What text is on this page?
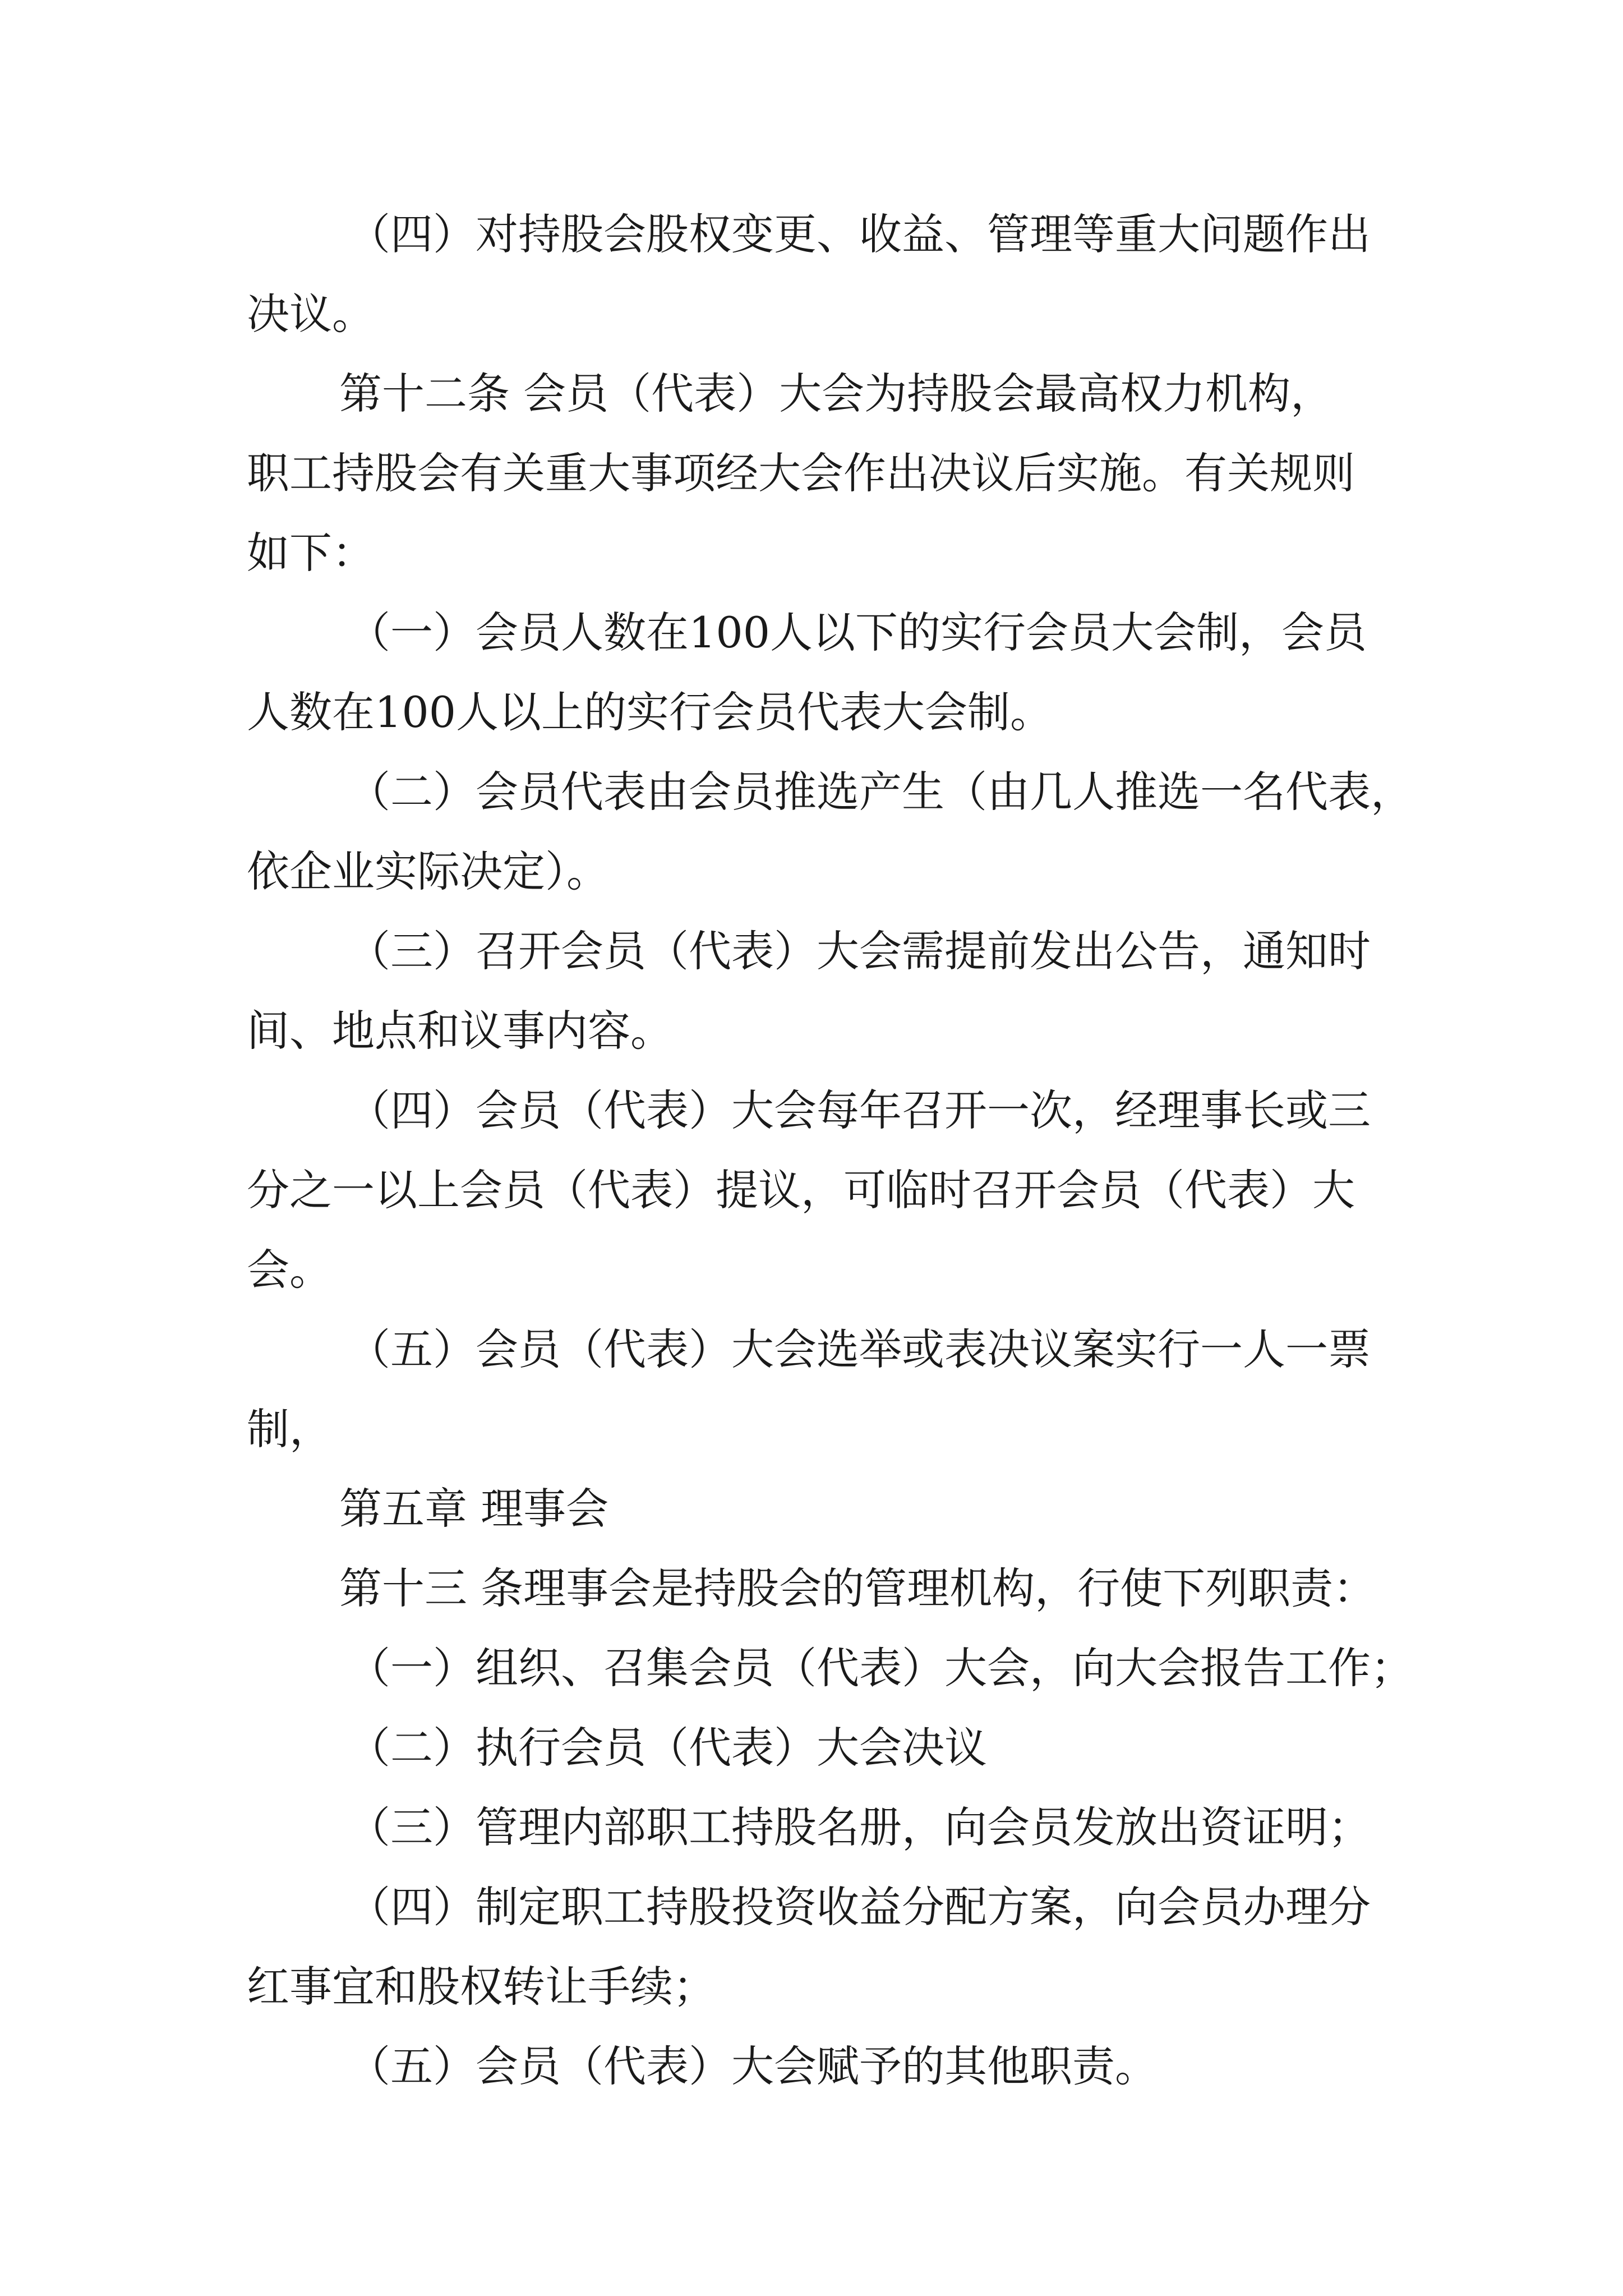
（四）对持股会股权变更、收益、管理等重大问题作出

决议。

第十二条 会员（代表）大会为持股会最高权力机构，

职工持股会有关重大事项经大会作出决议后实施。有关规则

如下：

（一）会员人数在100人以下的实行会员大会制，会员

人数在100人以上的实行会员代表大会制。

（二）会员代表由会员推选产生（由几人推选一名代表，

依企业实际决定）。

（三）召开会员（代表）大会需提前发出公告，通知时

间、地点和议事内容。

（四）会员（代表）大会每年召开一次，经理事长或三

分之一以上会员（代表）提议，可临时召开会员（代表）大

会。

（五）会员（代表）大会选举或表决议案实行一人一票

制，

第五章 理事会

第十三 条理事会是持股会的管理机构，行使下列职责：

（一）组织、召集会员（代表）大会，向大会报告工作；

（二）执行会员（代表）大会决议

（三）管理内部职工持股名册，向会员发放出资证明；

（四）制定职工持股投资收益分配方案，向会员办理分

红事宜和股权转让手续；

（五）会员（代表）大会赋予的其他职责。
